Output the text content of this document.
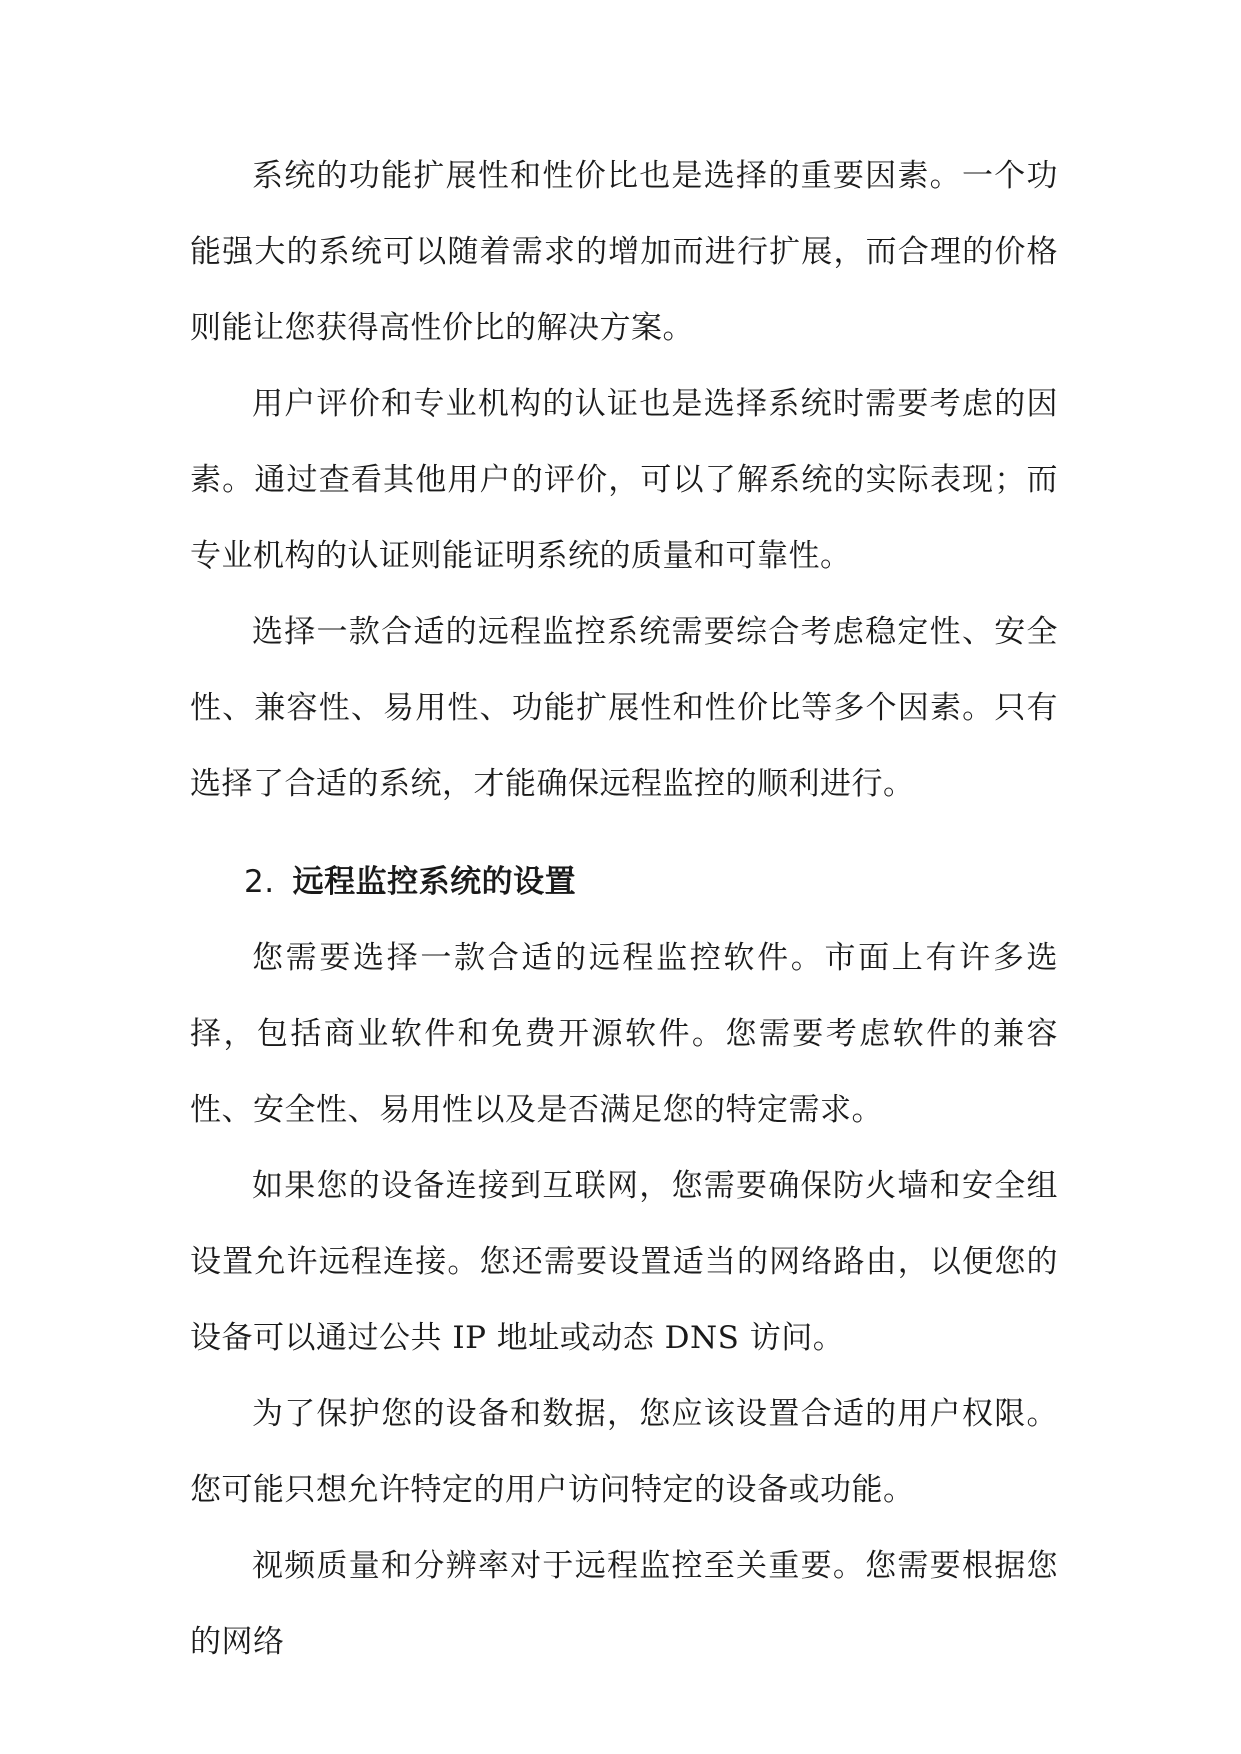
系统的功能扩展性和性价比也是选择的重要因素。一个功能强大的系统可以随着需求的增加而进行扩展，而合理的价格则能让您获得高性价比的解决方案。

用户评价和专业机构的认证也是选择系统时需要考虑的因素。通过查看其他用户的评价，可以了解系统的实际表现；而专业机构的认证则能证明系统的质量和可靠性。

选择一款合适的远程监控系统需要综合考虑稳定性、安全性、兼容性、易用性、功能扩展性和性价比等多个因素。只有选择了合适的系统，才能确保远程监控的顺利进行。

2. 远程监控系统的设置

您需要选择一款合适的远程监控软件。市面上有许多选择，包括商业软件和免费开源软件。您需要考虑软件的兼容性、安全性、易用性以及是否满足您的特定需求。

如果您的设备连接到互联网，您需要确保防火墙和安全组设置允许远程连接。您还需要设置适当的网络路由，以便您的设备可以通过公共 IP 地址或动态 DNS 访问。

为了保护您的设备和数据，您应该设置合适的用户权限。您可能只想允许特定的用户访问特定的设备或功能。

视频质量和分辨率对于远程监控至关重要。您需要根据您的网络
